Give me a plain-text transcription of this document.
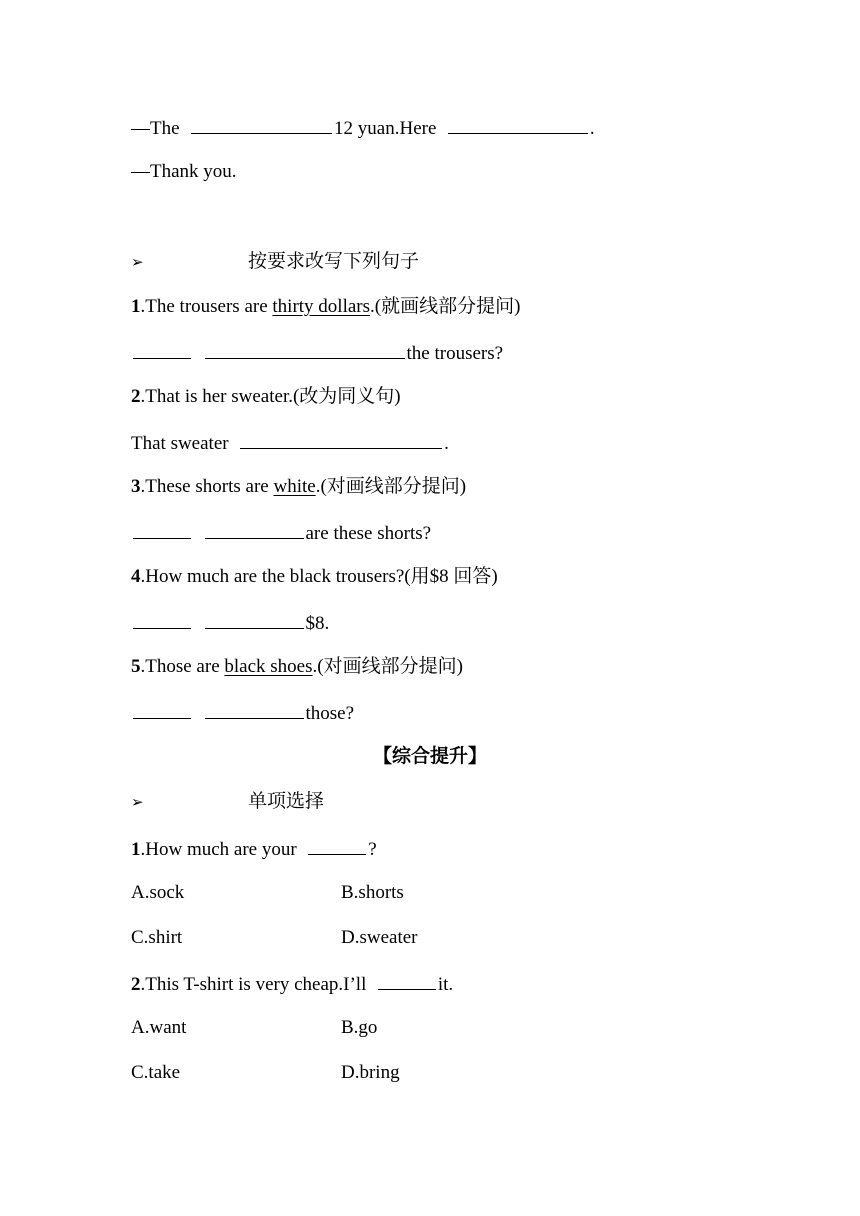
—The	12 yuan.Here	.
—Thank you.
➢	按要求改写下列句子
1.The trousers are thirty dollars.(就画线部分提问)
the trousers?
2.That is her sweater.(改为同义句)
That sweater	.
3.These shorts are white.(对画线部分提问)
are these shorts?
4.How much are the black trousers?(用$8 回答)
$8.
5.Those are black shoes.(对画线部分提问)
those?
【综合提升】
➢	单项选择
1.How much are your	?
A.sock	B.shorts
C.shirt	D.sweater
2.This T-shirt is very cheap.I’ll	it.
A.want	B.go
C.take	D.bring
